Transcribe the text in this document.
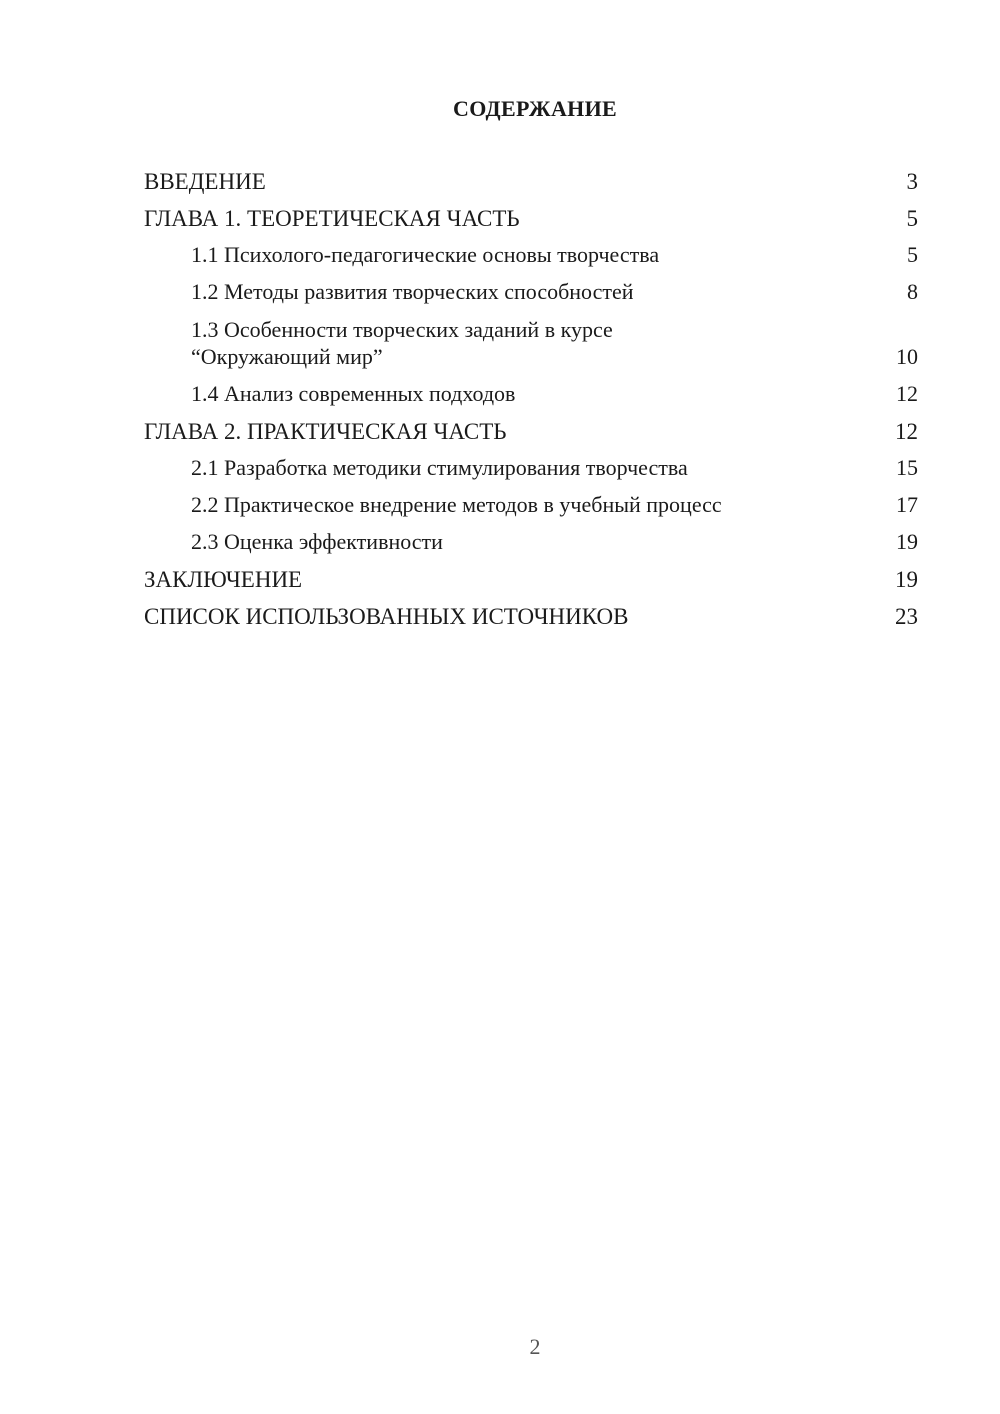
СОДЕРЖАНИЕ
ВВЕДЕНИЕ	3
ГЛАВА 1. ТЕОРЕТИЧЕСКАЯ ЧАСТЬ	5
1.1 Психолого-педагогические основы творчества	5
1.2 Методы развития творческих способностей	8
1.3 Особенности творческих заданий в курсе
“Окружающий мир”	10
1.4 Анализ современных подходов	12
ГЛАВА 2. ПРАКТИЧЕСКАЯ ЧАСТЬ	12
2.1 Разработка методики стимулирования творчества	15
2.2 Практическое внедрение методов в учебный процесс	17
2.3 Оценка эффективности	19
ЗАКЛЮЧЕНИЕ	19
СПИСОК ИСПОЛЬЗОВАННЫХ ИСТОЧНИКОВ	23
2
